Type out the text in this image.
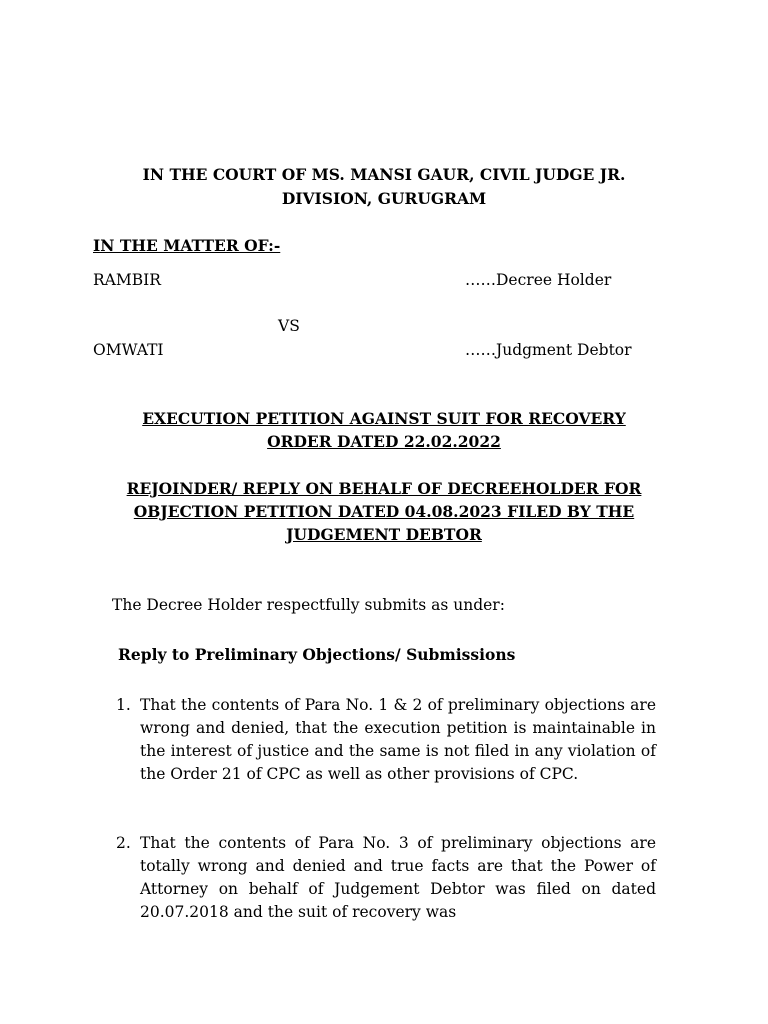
IN THE COURT OF MS. MANSI GAUR, CIVIL JUDGE JR.
DIVISION, GURUGRAM
IN THE MATTER OF:-
RAMBIR	……Decree Holder
VS
OMWATI	……Judgment Debtor
EXECUTION PETITION AGAINST SUIT FOR RECOVERY
ORDER DATED 22.02.2022
REJOINDER/ REPLY ON BEHALF OF DECREEHOLDER FOR
OBJECTION PETITION DATED 04.08.2023 FILED BY THE
JUDGEMENT DEBTOR
The Decree Holder respectfully submits as under:
Reply to Preliminary Objections/ Submissions
1. That the contents of Para No. 1 & 2 of preliminary objections are wrong and denied, that the execution petition is maintainable in the interest of justice and the same is not filed in any violation of the Order 21 of CPC as well as other provisions of CPC.
2. That the contents of Para No. 3 of preliminary objections are totally wrong and denied and true facts are that the Power of Attorney on behalf of Judgement Debtor was filed on dated 20.07.2018 and the suit of recovery was
